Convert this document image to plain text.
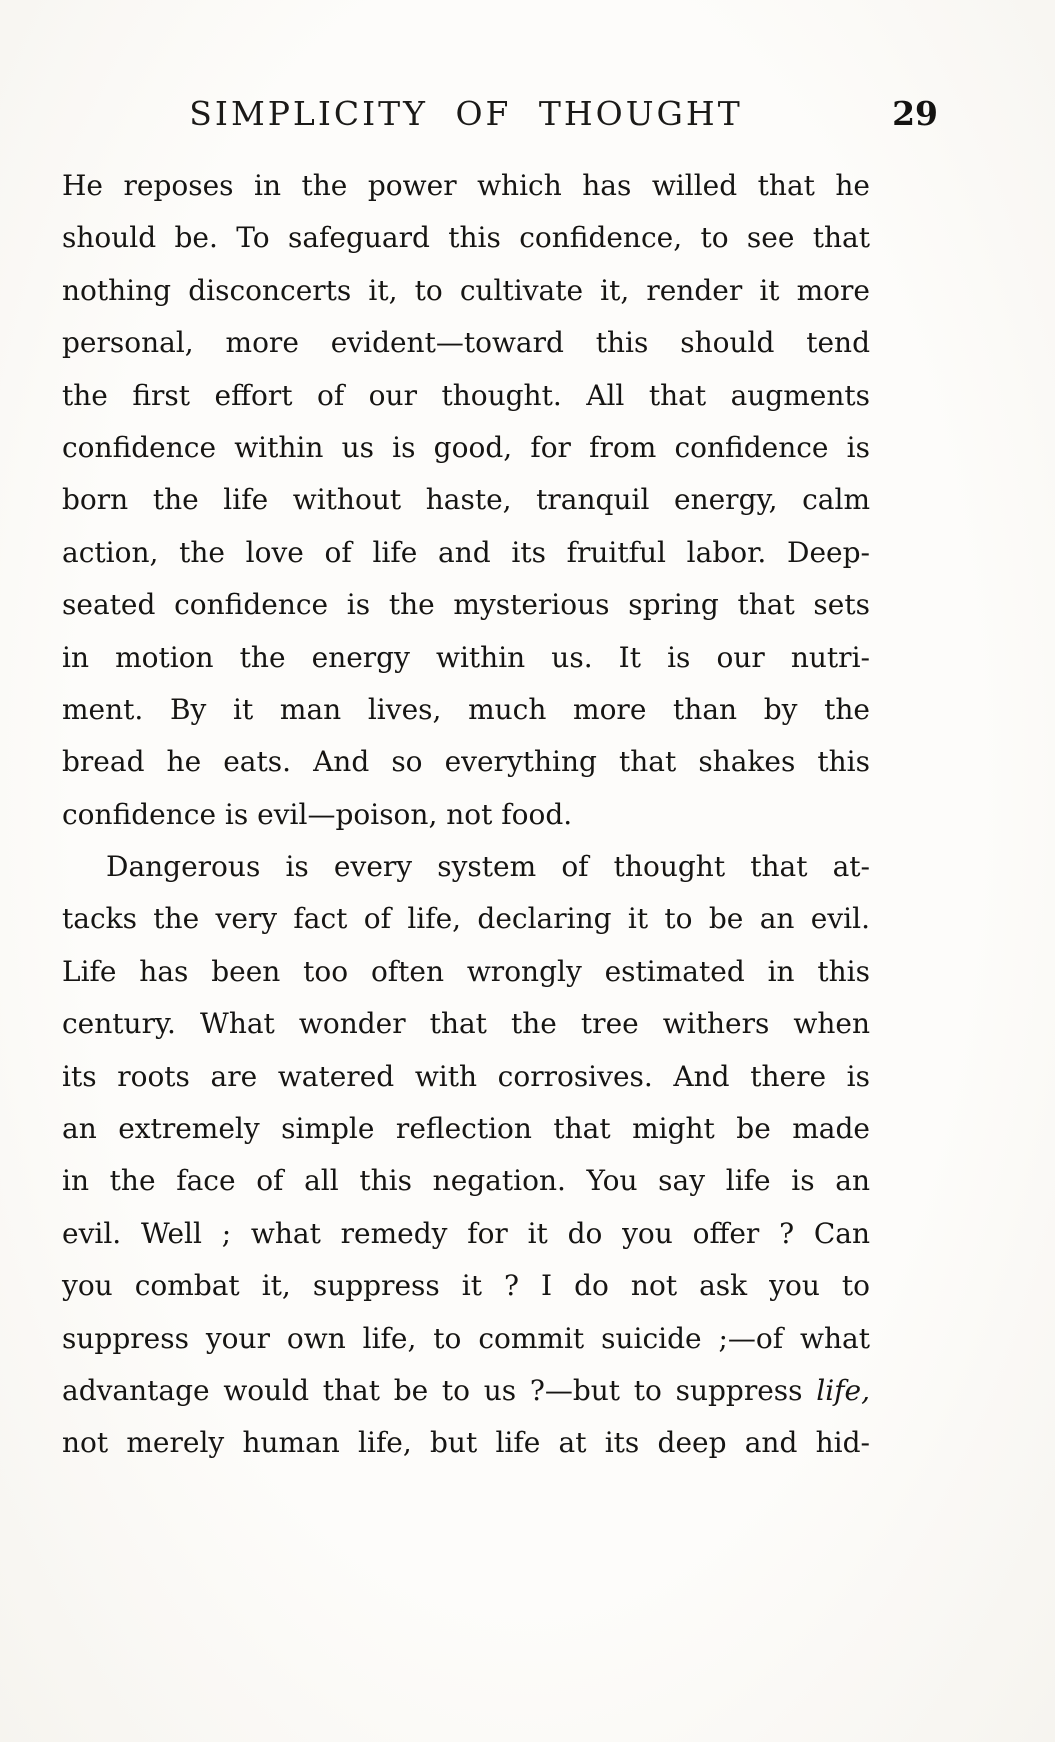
SIMPLICITY OF THOUGHT	29
He reposes in the power which has willed that he
should be. To safeguard this confidence, to see that
nothing disconcerts it, to cultivate it, render it more
personal, more evident—toward this should tend
the first effort of our thought. All that augments
confidence within us is good, for from confidence is
born the life without haste, tranquil energy, calm
action, the love of life and its fruitful labor. Deep-
seated confidence is the mysterious spring that sets
in motion the energy within us. It is our nutri-
ment. By it man lives, much more than by the
bread he eats. And so everything that shakes this
confidence is evil—poison, not food.
Dangerous is every system of thought that at-
tacks the very fact of life, declaring it to be an evil.
Life has been too often wrongly estimated in this
century. What wonder that the tree withers when
its roots are watered with corrosives. And there is
an extremely simple reflection that might be made
in the face of all this negation. You say life is an
evil. Well ; what remedy for it do you offer ? Can
you combat it, suppress it ? I do not ask you to
suppress your own life, to commit suicide ;—of what
advantage would that be to us ?—but to suppress life,
not merely human life, but life at its deep and hid-
